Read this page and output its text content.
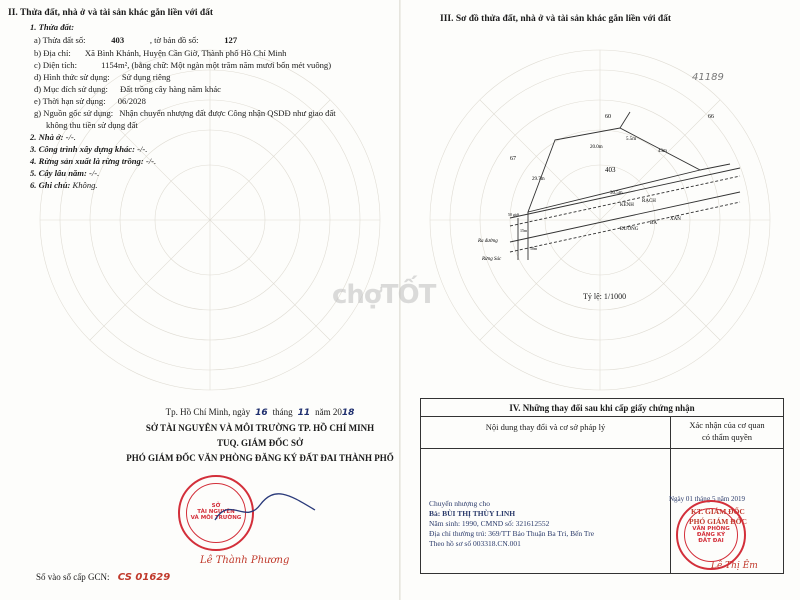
II. Thửa đất, nhà ở và tài sản khác gắn liền với đất
1. Thửa đất:
a) Thửa đất số:	403	, tờ bản đồ số:	127
b) Địa chỉ: Xã Bình Khánh, Huyện Cần Giờ, Thành phố Hồ Chí Minh
c) Diện tích:	1154m², (bằng chữ: Một ngàn một trăm năm mươi bốn mét vuông)
d) Hình thức sử dụng: Sử dụng riêng
đ) Mục đích sử dụng: Đất trồng cây hàng năm khác
e) Thời hạn sử dụng: 06/2028
g) Nguồn gốc sử dụng: Nhận chuyển nhượng đất được Công nhận QSDĐ như giao đất
không thu tiền sử dụng đất
2. Nhà ở: -/-.
3. Công trình xây dựng khác: -/-.
4. Rừng sản xuất là rừng trồng: -/-.
5. Cây lâu năm: -/-.
6. Ghi chú: Không.
Tp. Hồ Chí Minh, ngày 16 tháng 11 năm 2018
SỞ TÀI NGUYÊN VÀ MÔI TRƯỜNG TP. HỒ CHÍ MINH
TUQ. GIÁM ĐỐC SỞ
PHÓ GIÁM ĐỐC VĂN PHÒNG ĐĂNG KÝ ĐẤT ĐAI THÀNH PHỐ
SỞ
TÀI NGUYÊN
VÀ MÔI TRƯỜNG
Lê Thành Phương
Số vào sổ cấp GCN: CS 01629
III. Sơ đồ thửa đất, nhà ở và tài sản khác gắn liền với đất
41189
60	66
67
403
5.5m
20.0m
43m
29.7m
30.5m
KÊNH
RẠCH
ĐƯỜNG
BÀ
XÁN
Ra đường
Rừng Sác
50 giới
15m
10m
chợTỐT	Tỷ lệ: 1/1000
IV. Những thay đổi sau khi cấp giấy chứng nhận
Nội dung thay đổi và cơ sở pháp lý	Xác nhận của cơ quan
có thẩm quyền
Chuyển nhượng cho
Bà: BÙI THỊ THÙY LINH
Năm sinh: 1990, CMND số: 321612552
Địa chỉ thường trú: 369/TT Bảo Thuận Ba Tri, Bến Tre
Theo hồ sơ số 003318.CN.001
Ngày 01 tháng 5 năm 2019
KT. GIÁM ĐỐC
PHÓ GIÁM ĐỐC
Lê Thị Êm
VĂN PHÒNG
ĐĂNG KÝ
ĐẤT ĐAI
